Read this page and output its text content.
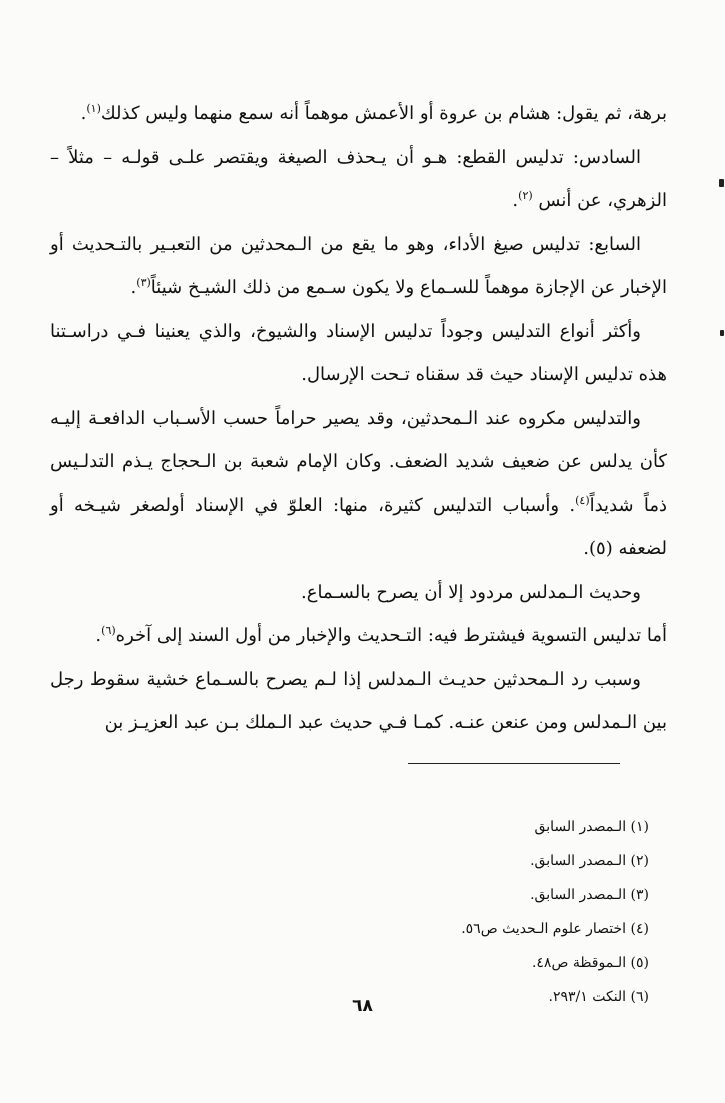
برهة، ثم يقول: هشام بن عروة أو الأعمش موهماً أنه سمع منهما وليس كذلك$^{(١)}$.

السادس: تدليس القطع: هـو أن يـحذف الصيغة ويقتصر علـى قولـه – مثلاً – الزهري، عن أنس $^{(٢)}$.

السابع: تدليس صيغ الأداء، وهو ما يقع من الـمحدثين من التعبـير بالتـحديث أو الإخبار عن الإجازة موهماً للسـماع ولا يكون سـمع من ذلك الشيـخ شيئاً$^{(٣)}$.

وأكثر أنواع التدليس وجوداً تدليس الإسناد والشيوخ، والذي يعنينا فـي دراسـتنا هذه تدليس الإسناد حيث قد سقناه تـحت الإرسال.

والتدليس مكروه عند الـمحدثين، وقد يصير حراماً حسب الأسـباب الدافعـة إليـه كأن يدلس عن ضعيف شديد الضعف. وكان الإمام شعبة بن الـحجاج يـذم التدلـيس ذماً شديداً$^{(٤)}$. وأسباب التدليس كثيرة، منها: العلوّ في الإسناد أولصغر شيـخه أو لضعفه (٥).

وحديث الـمدلس مردود إلا أن يصرح بالسـماع.

أما تدليس التسوية فيشترط فيه: التـحديث والإخبار من أول السند إلى آخره$^{(٦)}$.

وسبب رد الـمحدثين حديـث الـمدلس إذا لـم يصرح بالسـماع خشية سقوط رجل بين الـمدلس ومن عنعن عنـه. كمـا فـي حديث عبد الـملك بـن عبد العزيـز بن

(١) الـمصدر السابق
(٢) الـمصدر السابق.
(٣) الـمصدر السابق.
(٤) اختصار علوم الـحديث ص٥٦.
(٥) الـموقظة ص٤٨.
(٦) النكت ٢٩٣/١.
٦٨
